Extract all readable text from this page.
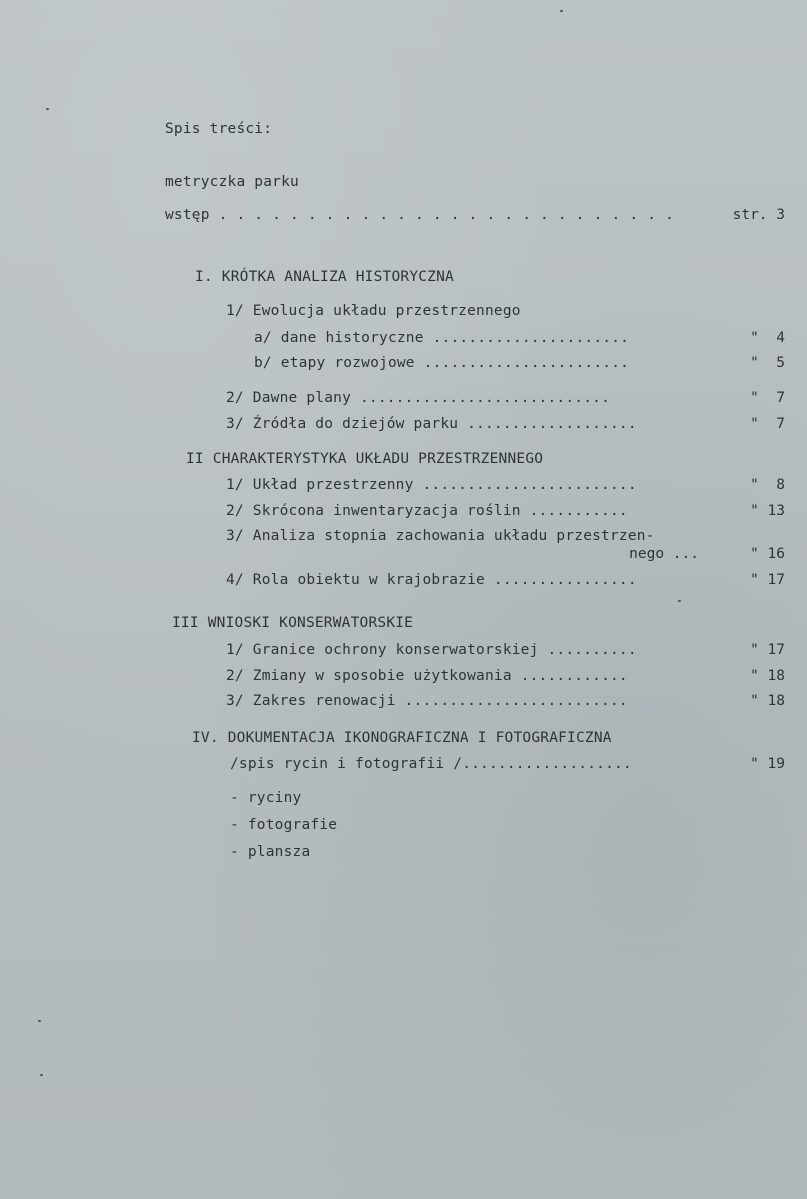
Spis treści:
metryczka parku
wstęp . . . . . . . . . . . . . . . . . . . . . . . . . .	str. 3
I. KRÓTKA ANALIZA HISTORYCZNA
1/ Ewolucja układu przestrzennego
a/ dane historyczne ......................	"  4
b/ etapy rozwojowe .......................	"  5
2/ Dawne plany ............................	"  7
3/ Źródła do dziejów parku ...................	"  7
II CHARAKTERYSTYKA UKŁADU PRZESTRZENNEGO
1/ Układ przestrzenny ........................	"  8
2/ Skrócona inwentaryzacja roślin ...........	" 13
3/ Analiza stopnia zachowania układu przestrzen-
nego ...	" 16
4/ Rola obiektu w krajobrazie ................	" 17
III WNIOSKI KONSERWATORSKIE
1/ Granice ochrony konserwatorskiej ..........	" 17
2/ Zmiany w sposobie użytkowania ............	" 18
3/ Zakres renowacji .........................	" 18
IV. DOKUMENTACJA IKONOGRAFICZNA I FOTOGRAFICZNA
/spis rycin i fotografii /...................	" 19
- ryciny
- fotografie
- plansza
